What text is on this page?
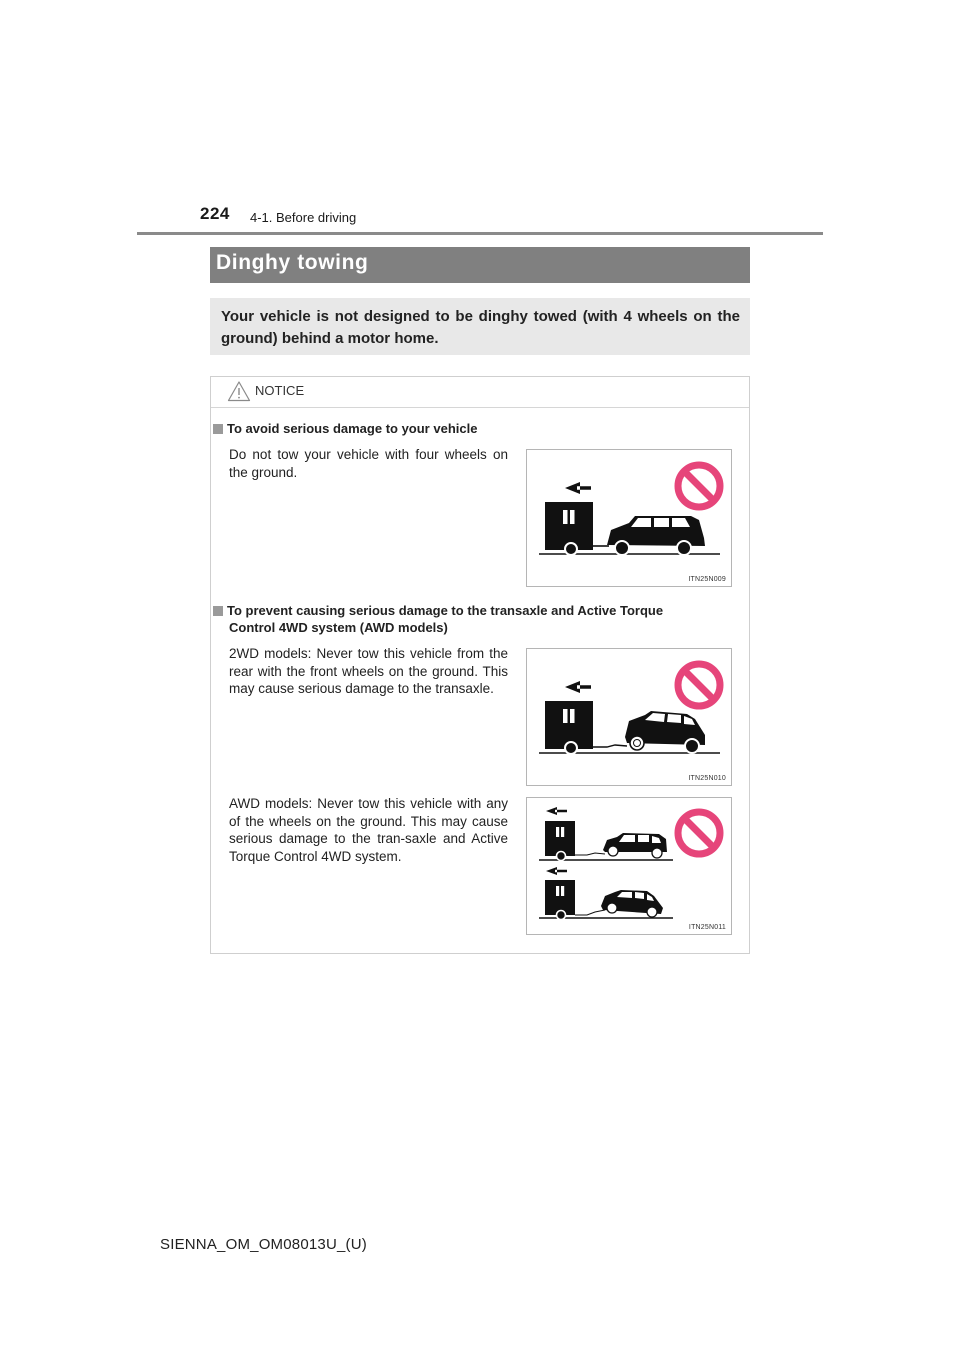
224 4-1. Before driving
Dinghy towing
Your vehicle is not designed to be dinghy towed (with 4 wheels on the ground) behind a motor home.
NOTICE
To avoid serious damage to your vehicle
Do not tow your vehicle with four wheels on the ground.
ITN25N009
To prevent causing serious damage to the transaxle and Active Torque
Control 4WD system (AWD models)
2WD models: Never tow this vehicle from the rear with the front wheels on the ground. This may cause serious damage to the transaxle.
ITN25N010
AWD models: Never tow this vehicle with any of the wheels on the ground. This may cause serious damage to the tran-saxle and Active Torque Control 4WD system.
ITN25N011
SIENNA_OM_OM08013U_(U)
